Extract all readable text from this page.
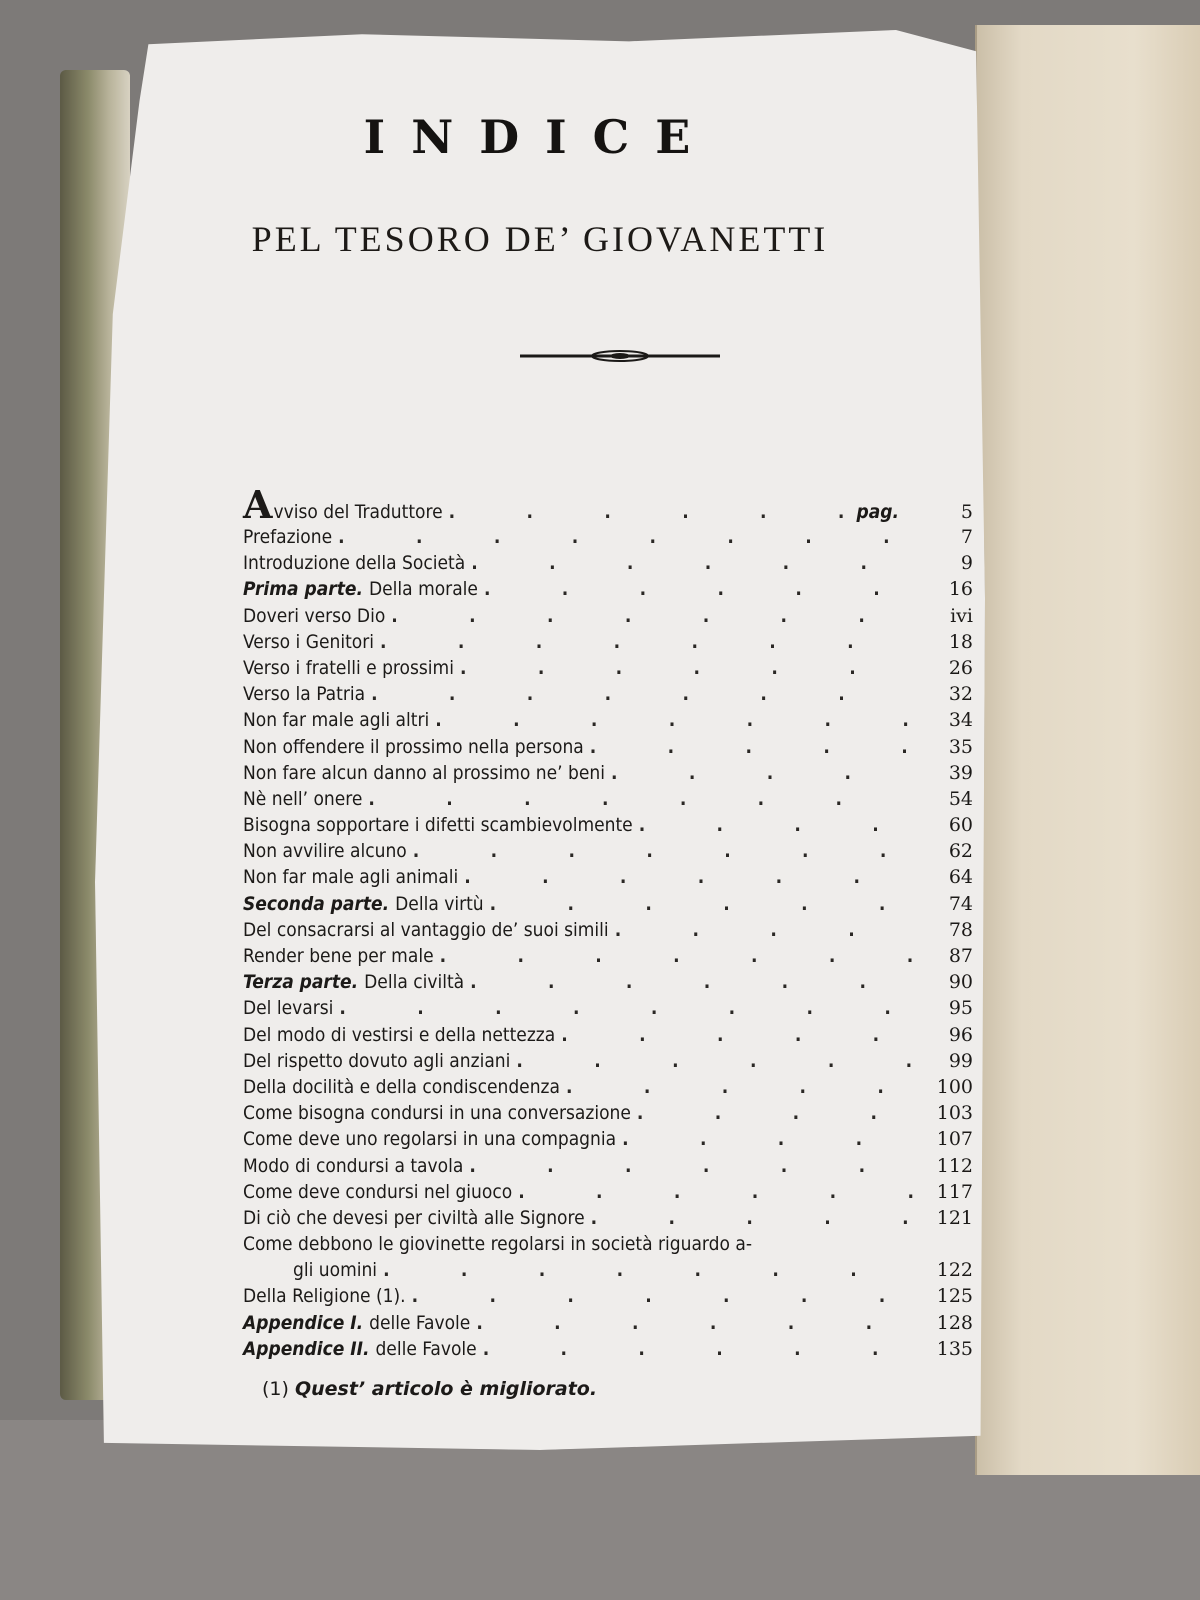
INDICE
PEL TESORO DE’ GIOVANETTI
A vviso del Traduttore .	pag.	5
Prefazione .	7
Introduzione della Società .	9
Prima parte. Della morale .	16
Doveri verso Dio .	ivi
Verso i Genitori .	18
Verso i fratelli e prossimi .	26
Verso la Patria .	32
Non far male agli altri .	34
Non offendere il prossimo nella persona .	35
Non fare alcun danno al prossimo ne’ beni .	39
Nè nell’ onere .	54
Bisogna sopportare i difetti scambievolmente .	60
Non avvilire alcuno .	62
Non far male agli animali .	64
Seconda parte. Della virtù .	74
Del consacrarsi al vantaggio de’ suoi simili .	78
Render bene per male .	87
Terza parte. Della civiltà .	90
Del levarsi .	95
Del modo di vestirsi e della nettezza .	96
Del rispetto dovuto agli anziani .	99
Della docilità e della condiscendenza .	100
Come bisogna condursi in una conversazione .	103
Come deve uno regolarsi in una compagnia .	107
Modo di condursi a tavola .	112
Come deve condursi nel giuoco .	117
Di ciò che devesi per civiltà alle Signore .	121
Come debbono le giovinette regolarsi in società riguardo a-
gli uomini .	122
Della Religione (1). .	125
Appendice I. delle Favole .	128
Appendice II. delle Favole .	135
(1) Quest’ articolo è migliorato.
